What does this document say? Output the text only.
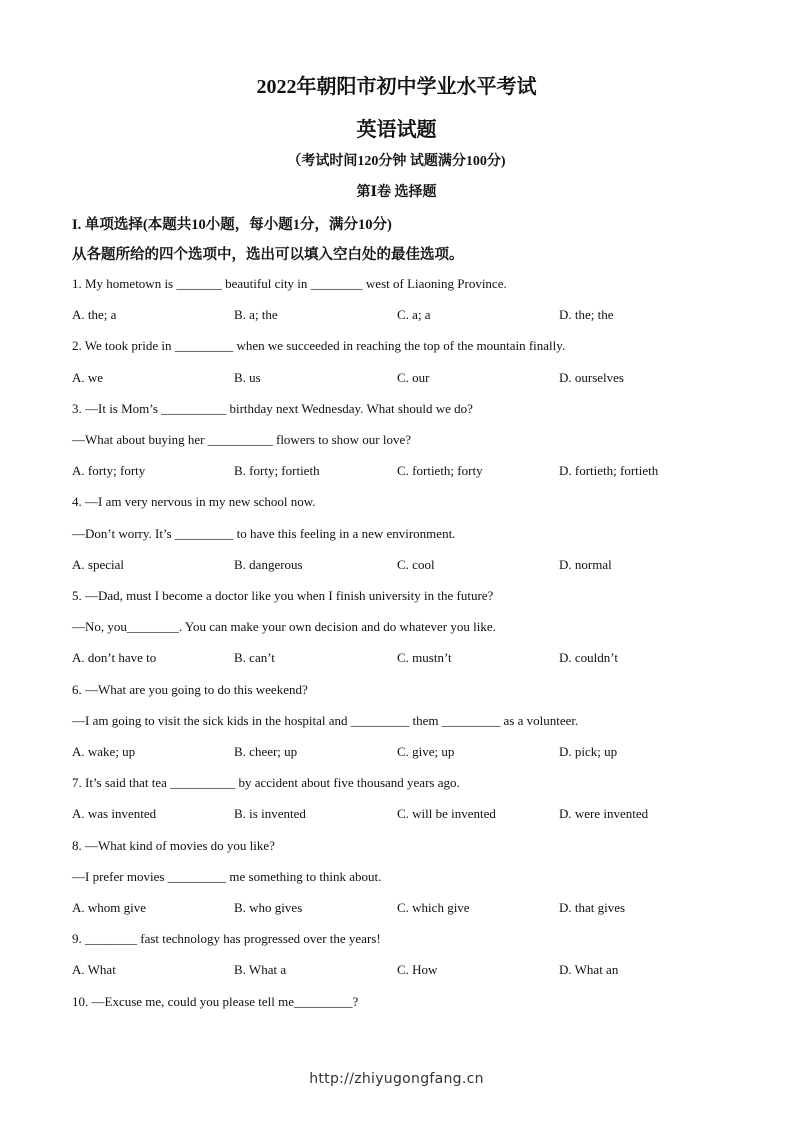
2022年朝阳市初中学业水平考试
英语试题
（考试时间120分钟 试题满分100分)
第Ⅰ卷 选择题
I. 单项选择(本题共10小题，每小题1分，满分10分)
从各题所给的四个选项中，选出可以填入空白处的最佳选项。
1. My hometown is _______ beautiful city in ________ west of Liaoning Province.
A. the; a	B. a; the	C. a; a	D. the; the
2. We took pride in _________ when we succeeded in reaching the top of the mountain finally.
A. we	B. us	C. our	D. ourselves
3. —It is Mom’s __________ birthday next Wednesday. What should we do?
—What about buying her __________ flowers to show our love?
A. forty; forty	B. forty; fortieth	C. fortieth; forty	D. fortieth; fortieth
4. —I am very nervous in my new school now.
—Don’t worry. It’s _________ to have this feeling in a new environment.
A. special	B. dangerous	C. cool	D. normal
5. —Dad, must I become a doctor like you when I finish university in the future?
—No, you________. You can make your own decision and do whatever you like.
A. don’t have to	B. can’t	C. mustn’t	D. couldn’t
6. —What are you going to do this weekend?
—I am going to visit the sick kids in the hospital and _________ them _________ as a volunteer.
A. wake; up	B. cheer; up	C. give; up	D. pick; up
7. It’s said that tea __________ by accident about five thousand years ago.
A. was invented	B. is invented	C. will be invented	D. were invented
8. —What kind of movies do you like?
—I prefer movies _________ me something to think about.
A. whom give	B. who gives	C. which give	D. that gives
9. ________ fast technology has progressed over the years!
A. What	B. What a	C. How	D. What an
10. —Excuse me, could you please tell me_________?
http://zhiyugongfang.cn
